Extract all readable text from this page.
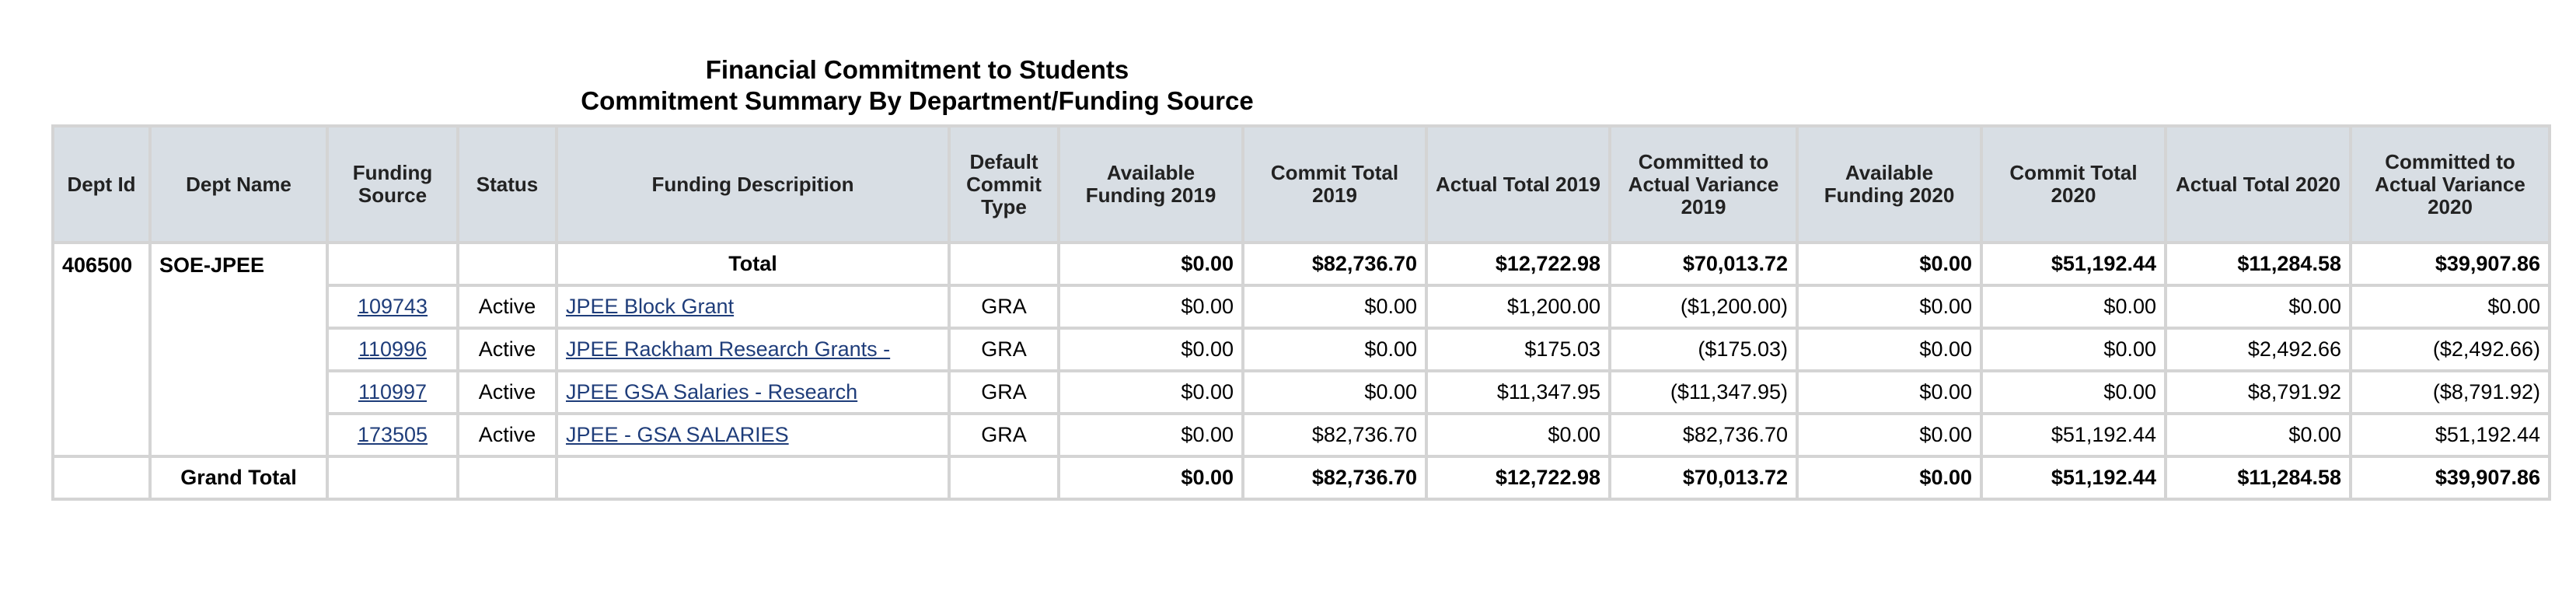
Financial Commitment to Students
Commitment Summary By Department/Funding Source
Dept Id	Dept Name	Funding Source	Status	Funding Descripition	Default Commit Type	Available Funding 2019	Commit Total 2019	Actual Total 2019	Committed to Actual Variance 2019	Available Funding 2020	Commit Total 2020	Actual Total 2020	Committed to Actual Variance 2020
406500	SOE-JPEE			Total		$0.00	$82,736.70	$12,722.98	$70,013.72	$0.00	$51,192.44	$11,284.58	$39,907.86
		109743	Active	JPEE Block Grant	GRA	$0.00	$0.00	$1,200.00	($1,200.00)	$0.00	$0.00	$0.00	$0.00
		110996	Active	JPEE Rackham Research Grants -	GRA	$0.00	$0.00	$175.03	($175.03)	$0.00	$0.00	$2,492.66	($2,492.66)
		110997	Active	JPEE GSA Salaries - Research	GRA	$0.00	$0.00	$11,347.95	($11,347.95)	$0.00	$0.00	$8,791.92	($8,791.92)
		173505	Active	JPEE - GSA SALARIES	GRA	$0.00	$82,736.70	$0.00	$82,736.70	$0.00	$51,192.44	$0.00	$51,192.44
	Grand Total					$0.00	$82,736.70	$12,722.98	$70,013.72	$0.00	$51,192.44	$11,284.58	$39,907.86
